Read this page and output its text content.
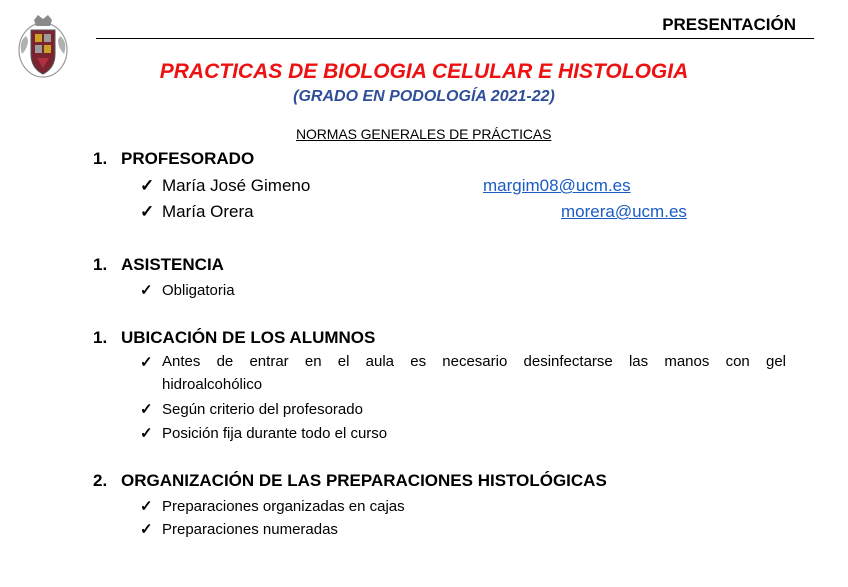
PRESENTACIÓN
PRACTICAS DE BIOLOGIA CELULAR E HISTOLOGIA
(GRADO EN PODOLOGÍA 2021-22)
NORMAS GENERALES DE PRÁCTICAS
1. PROFESORADO
✓ María José Gimeno	margim08@ucm.es
✓ María Orera	morera@ucm.es
1. ASISTENCIA
✓ Obligatoria
1. UBICACIÓN DE LOS ALUMNOS
✓ Antes de entrar en el aula es necesario desinfectarse las manos con gel
hidroalcohólico
✓ Según criterio del profesorado
✓ Posición fija durante todo el curso
2. ORGANIZACIÓN DE LAS PREPARACIONES HISTOLÓGICAS
✓ Preparaciones organizadas en cajas
✓ Preparaciones numeradas
